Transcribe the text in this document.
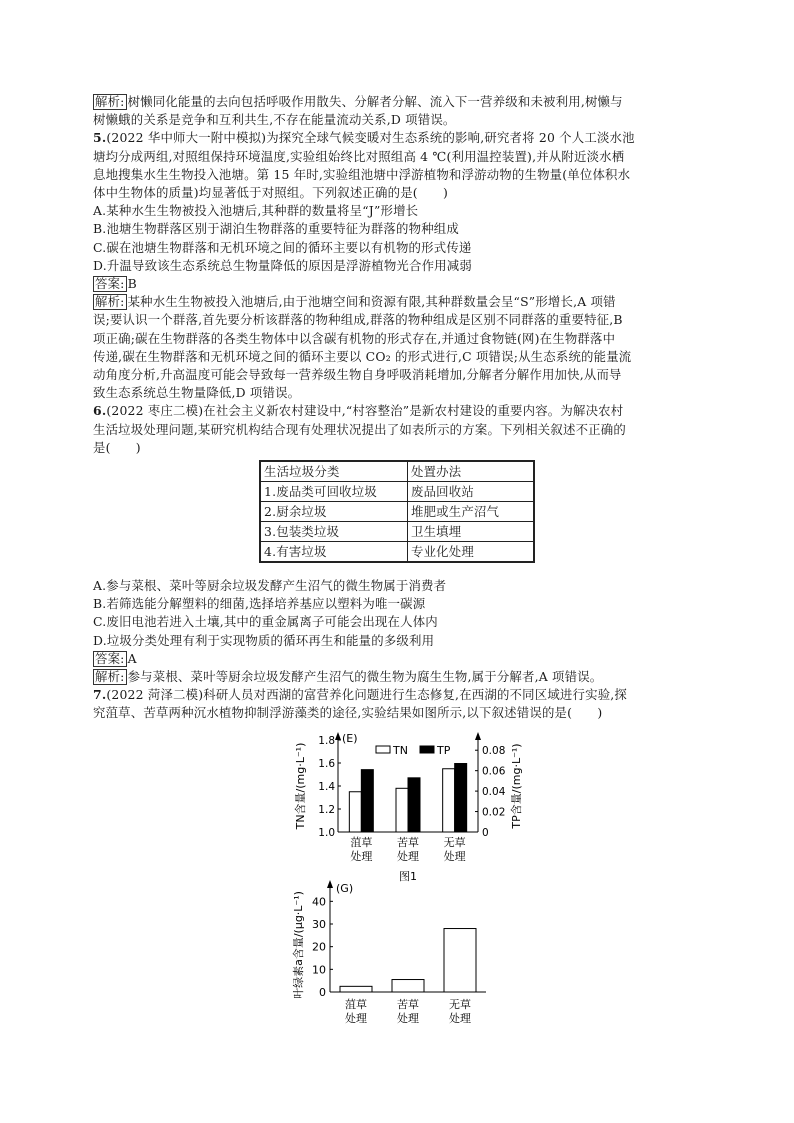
解析: 树懒同化能量的去向包括呼吸作用散失、分解者分解、流入下一营养级和未被利用,树懒与

树懒蛾的关系是竞争和互利共生,不存在能量流动关系,D 项错误。

5.(2022 华中师大一附中模拟)为探究全球气候变暖对生态系统的影响,研究者将 20 个人工淡水池

塘均分成两组,对照组保持环境温度,实验组始终比对照组高 4 ℃(利用温控装置),并从附近淡水栖

息地搜集水生生物投入池塘。第 15 年时,实验组池塘中浮游植物和浮游动物的生物量(单位体积水

体中生物体的质量)均显著低于对照组。下列叙述正确的是(　　)

A.某种水生生物被投入池塘后,其种群的数量将呈“J”形增长

B.池塘生物群落区别于湖泊生物群落的重要特征为群落的物种组成

C.碳在池塘生物群落和无机环境之间的循环主要以有机物的形式传递

D.升温导致该生态系统总生物量降低的原因是浮游植物光合作用减弱

答案: B

解析: 某种水生生物被投入池塘后,由于池塘空间和资源有限,其种群数量会呈“S”形增长,A 项错

误;要认识一个群落,首先要分析该群落的物种组成,群落的物种组成是区别不同群落的重要特征,B

项正确;碳在生物群落的各类生物体中以含碳有机物的形式存在,并通过食物链(网)在生物群落中

传递,碳在生物群落和无机环境之间的循环主要以 CO₂ 的形式进行,C 项错误;从生态系统的能量流

动角度分析,升高温度可能会导致每一营养级生物自身呼吸消耗增加,分解者分解作用加快,从而导

致生态系统总生物量降低,D 项错误。

6.(2022 枣庄二模)在社会主义新农村建设中,“村容整治”是新农村建设的重要内容。为解决农村

生活垃圾处理问题,某研究机构结合现有处理状况提出了如表所示的方案。下列相关叙述不正确的

是(　　)

生活垃圾分类	处置办法
1.废品类可回收垃圾	废品回收站
2.厨余垃圾	堆肥或生产沼气
3.包装类垃圾	卫生填埋
4.有害垃圾	专业化处理

A.参与菜根、菜叶等厨余垃圾发酵产生沼气的微生物属于消费者

B.若筛选能分解塑料的细菌,选择培养基应以塑料为唯一碳源

C.废旧电池若进入土壤,其中的重金属离子可能会出现在人体内

D.垃圾分类处理有利于实现物质的循环再生和能量的多级利用

答案: A

解析: 参与菜根、菜叶等厨余垃圾发酵产生沼气的微生物为腐生生物,属于分解者,A 项错误。

7.(2022 菏泽二模)科研人员对西湖的富营养化问题进行生态修复,在西湖的不同区域进行实验,探

究菹草、苦草两种沉水植物抑制浮游藻类的途径,实验结果如图所示,以下叙述错误的是(　　)

1.0
1.2
1.4
1.6
1.8
0
0.02
0.04
0.06
0.08
TN含量/(mg·L⁻¹)	TP含量/(mg·L⁻¹)
(E)
TN	TP
菹草
处理
苦草
处理
无草
处理
图1
0
10
20
30
40
叶绿素a含量/(μg·L⁻¹)
(G)
菹草
处理
苦草
处理
无草
处理
